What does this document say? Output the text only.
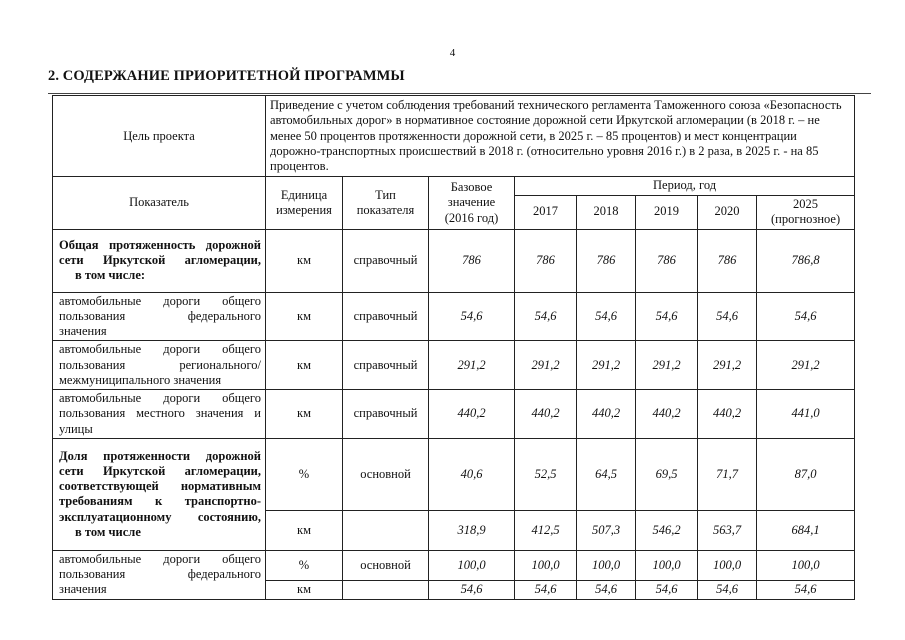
4
2. СОДЕРЖАНИЕ ПРИОРИТЕТНОЙ ПРОГРАММЫ
Цель проекта	Приведение с учетом соблюдения требований технического регламента Таможенного союза «Безопасность автомобильных дорог» в нормативное состояние дорожной сети Иркутской агломерации (в 2018 г. – не менее 50 процентов протяженности дорожной сети, в 2025 г. – 85 процентов) и мест концентрации дорожно-транспортных происшествий в 2018 г. (относительно уровня 2016 г.) в 2 раза, в 2025 г. - на 85 процентов.							
Показатель	Единица измерения	Тип показателя	Базовое значение (2016 год)	Период, год				
				2017	2018	2019	2020	2025 (прогнозное)
Общая протяженность дорожной сети Иркутской агломерации,
в том числе:	км	справочный	786	786	786	786	786	786,8
автомобильные дороги общего пользования федерального
значения	км	справочный	54,6	54,6	54,6	54,6	54,6	54,6
автомобильные дороги общего пользования регионального/
межмуниципального значения	км	справочный	291,2	291,2	291,2	291,2	291,2	291,2
автомобильные дороги общего пользования местного значения и
улицы	км	справочный	440,2	440,2	440,2	440,2	440,2	441,0
Доля протяженности дорожной сети Иркутской агломерации, соответствующей нормативным требованиям к транспортно-эксплуатационному состоянию,
в том числе	%	основной	40,6	52,5	64,5	69,5	71,7	87,0
	км		318,9	412,5	507,3	546,2	563,7	684,1
автомобильные дороги общего пользования федерального
значения	%	основной	100,0	100,0	100,0	100,0	100,0	100,0
	км		54,6	54,6	54,6	54,6	54,6	54,6
